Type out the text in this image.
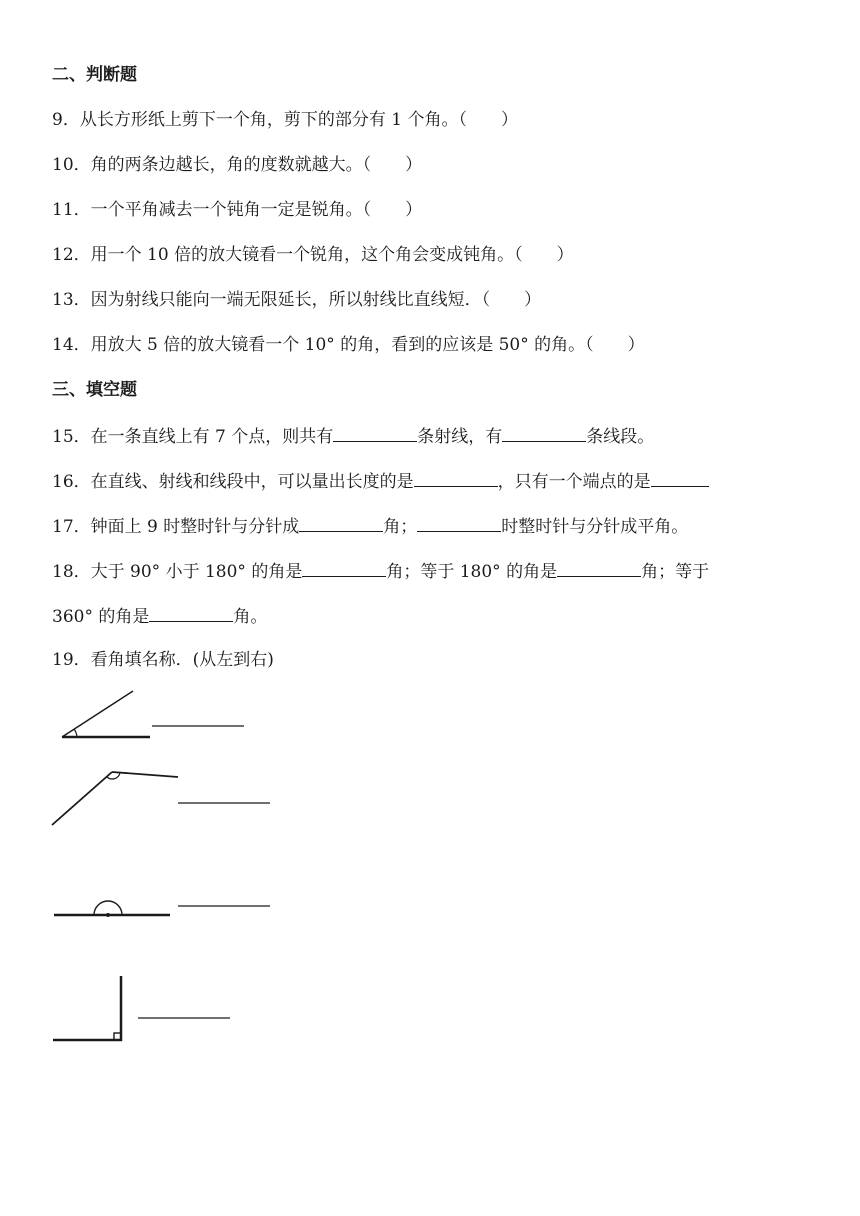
二、判断题
9．从长方形纸上剪下一个角，剪下的部分有 1 个角。（　　）
10．角的两条边越长，角的度数就越大。（　　）
11．一个平角减去一个钝角一定是锐角。（　　）
12．用一个 10 倍的放大镜看一个锐角，这个角会变成钝角。（　　）
13．因为射线只能向一端无限延长，所以射线比直线短．（　　）
14．用放大 5 倍的放大镜看一个 10° 的角，看到的应该是 50° 的角。（　　）
三、填空题
15．在一条直线上有 7 个点，则共有	条射线，有	条线段。
16．在直线、射线和线段中，可以量出长度的是	，只有一个端点的是
17．钟面上 9 时整时针与分针成	角；	时整时针与分针成平角。
18．大于 90° 小于 180° 的角是	角；等于 180° 的角是	角；等于
360° 的角是	角。
19．看角填名称．(从左到右)
